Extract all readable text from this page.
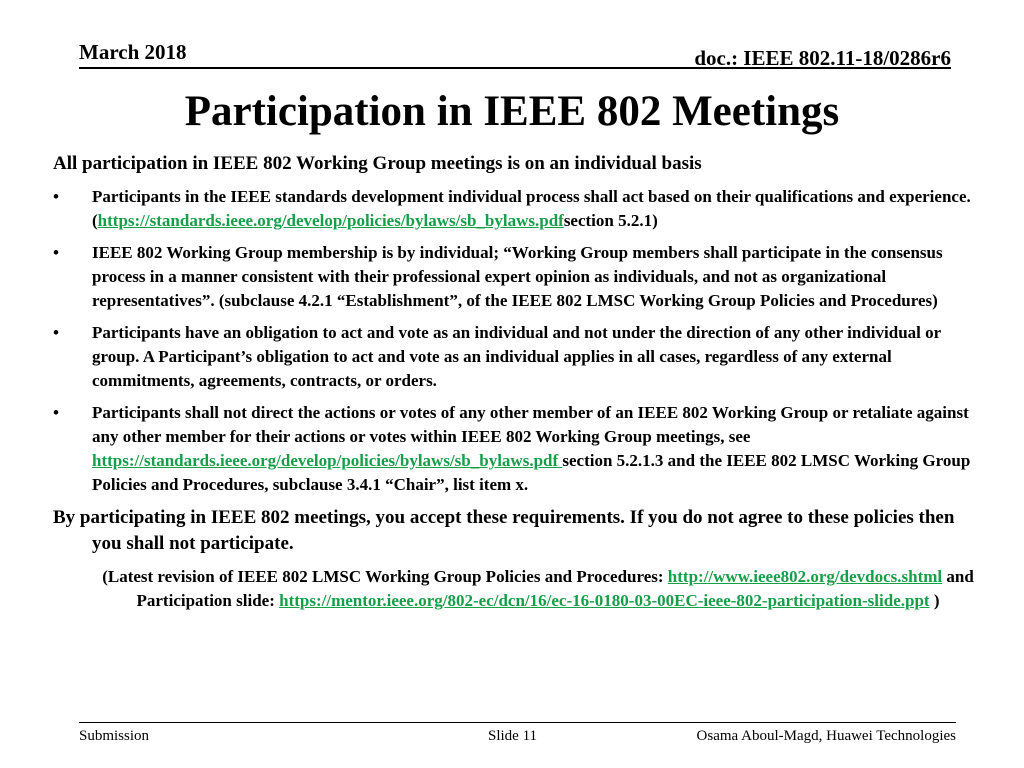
March 2018	doc.: IEEE 802.11-18/0286r6
Participation in IEEE 802 Meetings

All participation in IEEE 802 Working Group meetings is on an individual basis

• Participants in the IEEE standards development individual process shall act based on their qualifications and experience. (https://standards.ieee.org/develop/policies/bylaws/sb_bylaws.pdfsection 5.2.1)
• IEEE 802 Working Group membership is by individual; “Working Group members shall participate in the consensus process in a manner consistent with their professional expert opinion as individuals, and not as organizational representatives”. (subclause 4.2.1 “Establishment”, of the IEEE 802 LMSC Working Group Policies and Procedures)
• Participants have an obligation to act and vote as an individual and not under the direction of any other individual or group. A Participant’s obligation to act and vote as an individual applies in all cases, regardless of any external commitments, agreements, contracts, or orders.
• Participants shall not direct the actions or votes of any other member of an IEEE 802 Working Group or retaliate against any other member for their actions or votes within IEEE 802 Working Group meetings, see https://standards.ieee.org/develop/policies/bylaws/sb_bylaws.pdf section 5.2.1.3 and the IEEE 802 LMSC Working Group Policies and Procedures, subclause 3.4.1 “Chair”, list item x.

By participating in IEEE 802 meetings, you accept these requirements. If you do not agree to these policies then you shall not participate.

(Latest revision of IEEE 802 LMSC Working Group Policies and Procedures: http://www.ieee802.org/devdocs.shtml and Participation slide: https://mentor.ieee.org/802-ec/dcn/16/ec-16-0180-03-00EC-ieee-802-participation-slide.ppt )

Submission	Slide 11	Osama Aboul-Magd, Huawei Technologies
